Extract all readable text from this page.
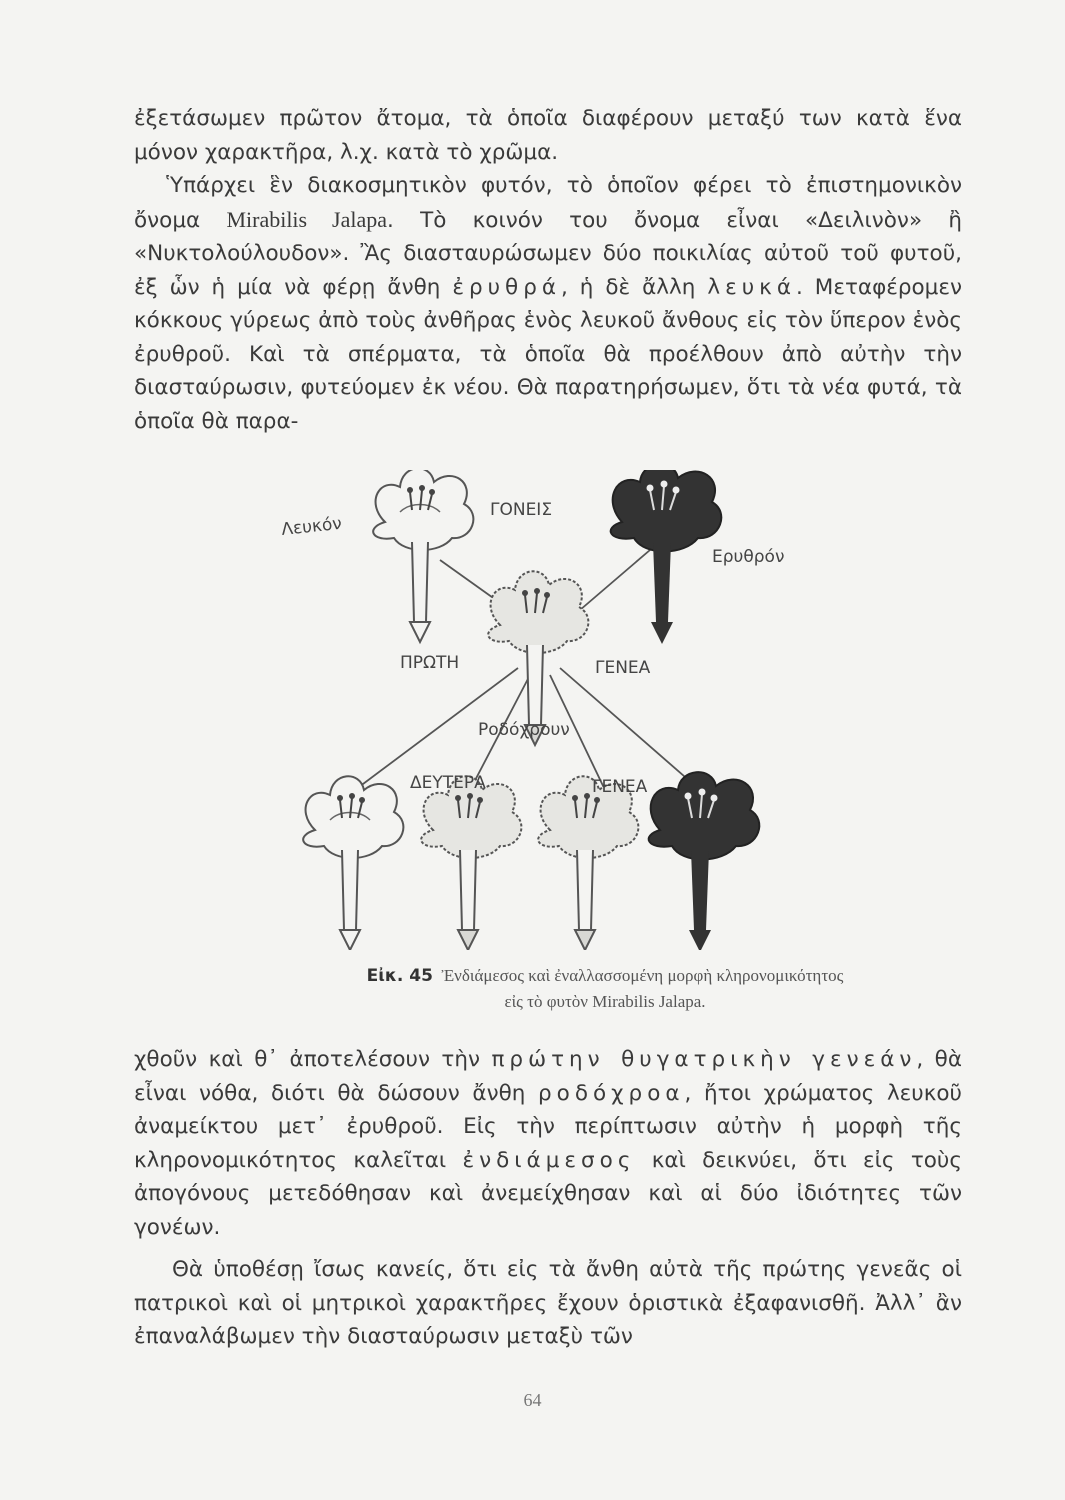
ἐξετάσωμεν πρῶτον ἄτομα, τὰ ὁποῖα διαφέρουν μεταξύ των κατὰ ἕνα μόνον χαρακτῆρα, λ.χ. κατὰ τὸ χρῶμα.
  Ὑπάρχει ἓν διακοσμητικὸν φυτόν, τὸ ὁποῖον φέρει τὸ ἐπιστημονικὸν ὄνομα Mirabilis Jalapa. Τὸ κοινόν του ὄνομα εἶναι «Δειλινὸν» ἢ «Νυκτολούλουδον». Ἂς διασταυρώσωμεν δύο ποικιλίας αὐτοῦ τοῦ φυτοῦ, ἐξ ὧν ἡ μία νὰ φέρῃ ἄνθη ἐρυθρά, ἡ δὲ ἄλλη λευκά. Μεταφέρομεν κόκκους γύρεως ἀπὸ τοὺς ἀνθῆρας ἑνὸς λευκοῦ ἄνθους εἰς τὸν ὕπερον ἑνὸς ἐρυθροῦ. Καὶ τὰ σπέρματα, τὰ ὁποῖα θὰ προέλθουν ἀπὸ αὐτὴν τὴν διασταύρωσιν, φυτεύομεν ἐκ νέου. Θὰ παρατηρήσωμεν, ὅτι τὰ νέα φυτά, τὰ ὁποῖα θὰ παρα-

Λευκόν
ΓΟΝΕΙΣ
Ερυθρόν
ΠΡΩΤΗ	ΓΕΝΕΑ
Ροδόχρουν
ΔΕΥΤΕΡΑ	ΓΕΝΕΑ
Εἰκ. 45 Ἐνδιάμεσος καὶ ἐναλλασσομένη μορφὴ κληρονομικότητος
εἰς τὸ φυτὸν Mirabilis Jalapa.

χθοῦν καὶ θ᾽ ἀποτελέσουν τὴν πρώτην θυγατρικὴν γενεάν, θὰ εἶναι νόθα, διότι θὰ δώσουν ἄνθη ροδόχροα, ἤτοι χρώματος λευκοῦ ἀναμείκτου μετ᾽ ἐρυθροῦ. Εἰς τὴν περίπτωσιν αὐτὴν ἡ μορφὴ τῆς κληρονομικότητος καλεῖται ἐνδιάμεσος καὶ δεικνύει, ὅτι εἰς τοὺς ἀπογόνους μετεδόθησαν καὶ ἀνεμείχθησαν καὶ αἱ δύο ἰδιότητες τῶν γονέων.

Θὰ ὑποθέσῃ ἴσως κανείς, ὅτι εἰς τὰ ἄνθη αὐτὰ τῆς πρώτης γενεᾶς οἱ πατρικοὶ καὶ οἱ μητρικοὶ χαρακτῆρες ἔχουν ὁριστικὰ ἐξαφανισθῆ. Ἀλλ᾽ ἂν ἐπαναλάβωμεν τὴν διασταύρωσιν μεταξὺ τῶν

64
